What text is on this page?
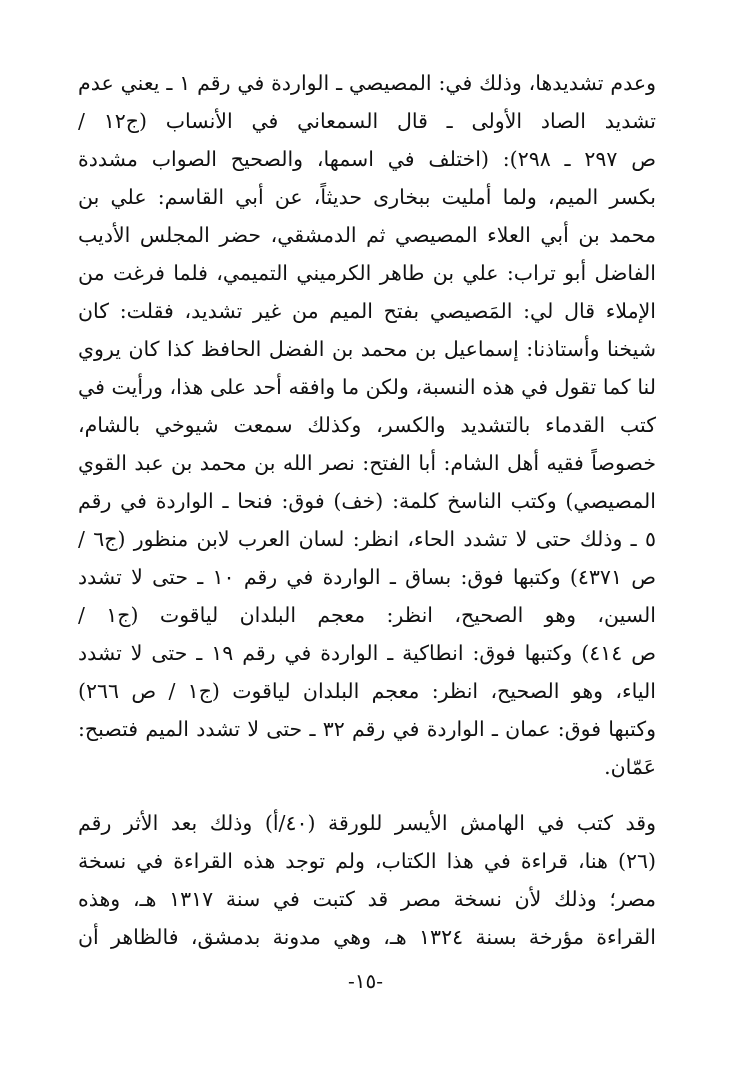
وعدم تشديدها، وذلك في: المصيصي ـ الواردة في رقم ١ ـ يعني عدم
تشديد الصاد الأولى ـ قال السمعاني في الأنساب (ج١٢ /
ص ٢٩٧ ـ ٢٩٨): (اختلف في اسمها، والصحيح الصواب مشددة
بكسر الميم، ولما أمليت ببخارى حديثاً، عن أبي القاسم: علي بن
محمد بن أبي العلاء المصيصي ثم الدمشقي، حضر المجلس الأديب
الفاضل أبو تراب: علي بن طاهر الكرميني التميمي، فلما فرغت من
الإملاء قال لي: المَصيصي بفتح الميم من غير تشديد، فقلت: كان
شيخنا وأستاذنا: إسماعيل بن محمد بن الفضل الحافظ كذا كان يروي
لنا كما تقول في هذه النسبة، ولكن ما وافقه أحد على هذا، ورأيت في
كتب القدماء بالتشديد والكسر، وكذلك سمعت شيوخي بالشام،
خصوصاً فقيه أهل الشام: أبا الفتح: نصر الله بن محمد بن عبد القوي
المصيصي) وكتب الناسخ كلمة: (خف) فوق: فنحا ـ الواردة في رقم
٥ ـ وذلك حتى لا تشدد الحاء، انظر: لسان العرب لابن منظور (ج٦ /
ص ٤٣٧١) وكتبها فوق: بساق ـ الواردة في رقم ١٠ ـ حتى لا تشدد
السين، وهو الصحيح، انظر: معجم البلدان لياقوت (ج١ /
ص ٤١٤) وكتبها فوق: انطاكية ـ الواردة في رقم ١٩ ـ حتى لا تشدد
الياء، وهو الصحيح، انظر: معجم البلدان لياقوت (ج١ / ص ٢٦٦)
وكتبها فوق: عمان ـ الواردة في رقم ٣٢ ـ حتى لا تشدد الميم فتصبح:
عَمّان.
وقد كتب في الهامش الأيسر للورقة (٤٠/أ) وذلك بعد الأثر رقم
(٢٦) هنا، قراءة في هذا الكتاب، ولم توجد هذه القراءة في نسخة
مصر؛ وذلك لأن نسخة مصر قد كتبت في سنة ١٣١٧ هـ، وهذه
القراءة مؤرخة بسنة ١٣٢٤ هـ، وهي مدونة بدمشق، فالظاهر أن
-١٥-
